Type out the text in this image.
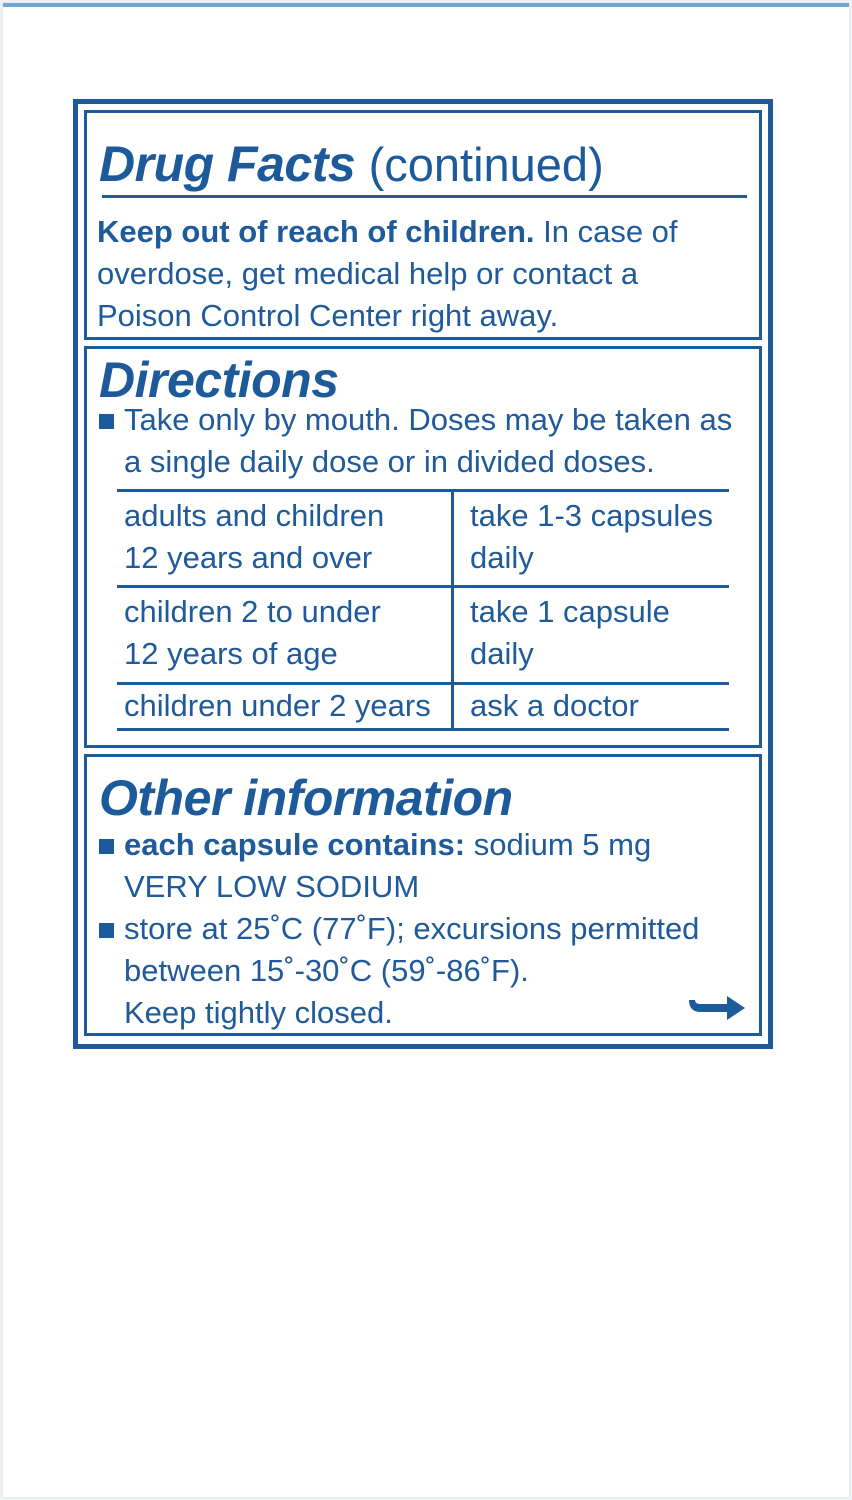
Drug Facts (continued)
Keep out of reach of children. In case of
overdose, get medical help or contact a
Poison Control Center right away.
Directions
Take only by mouth. Doses may be taken as
a single daily dose or in divided doses.
adults and children
12 years and over
take 1-3 capsules
daily
children 2 to under
12 years of age
take 1 capsule
daily
children under 2 years ask a doctor
Other information
each capsule contains: sodium 5 mg
VERY LOW SODIUM
store at 25˚C (77˚F); excursions permitted
between 15˚-30˚C (59˚-86˚F).
Keep tightly closed.
